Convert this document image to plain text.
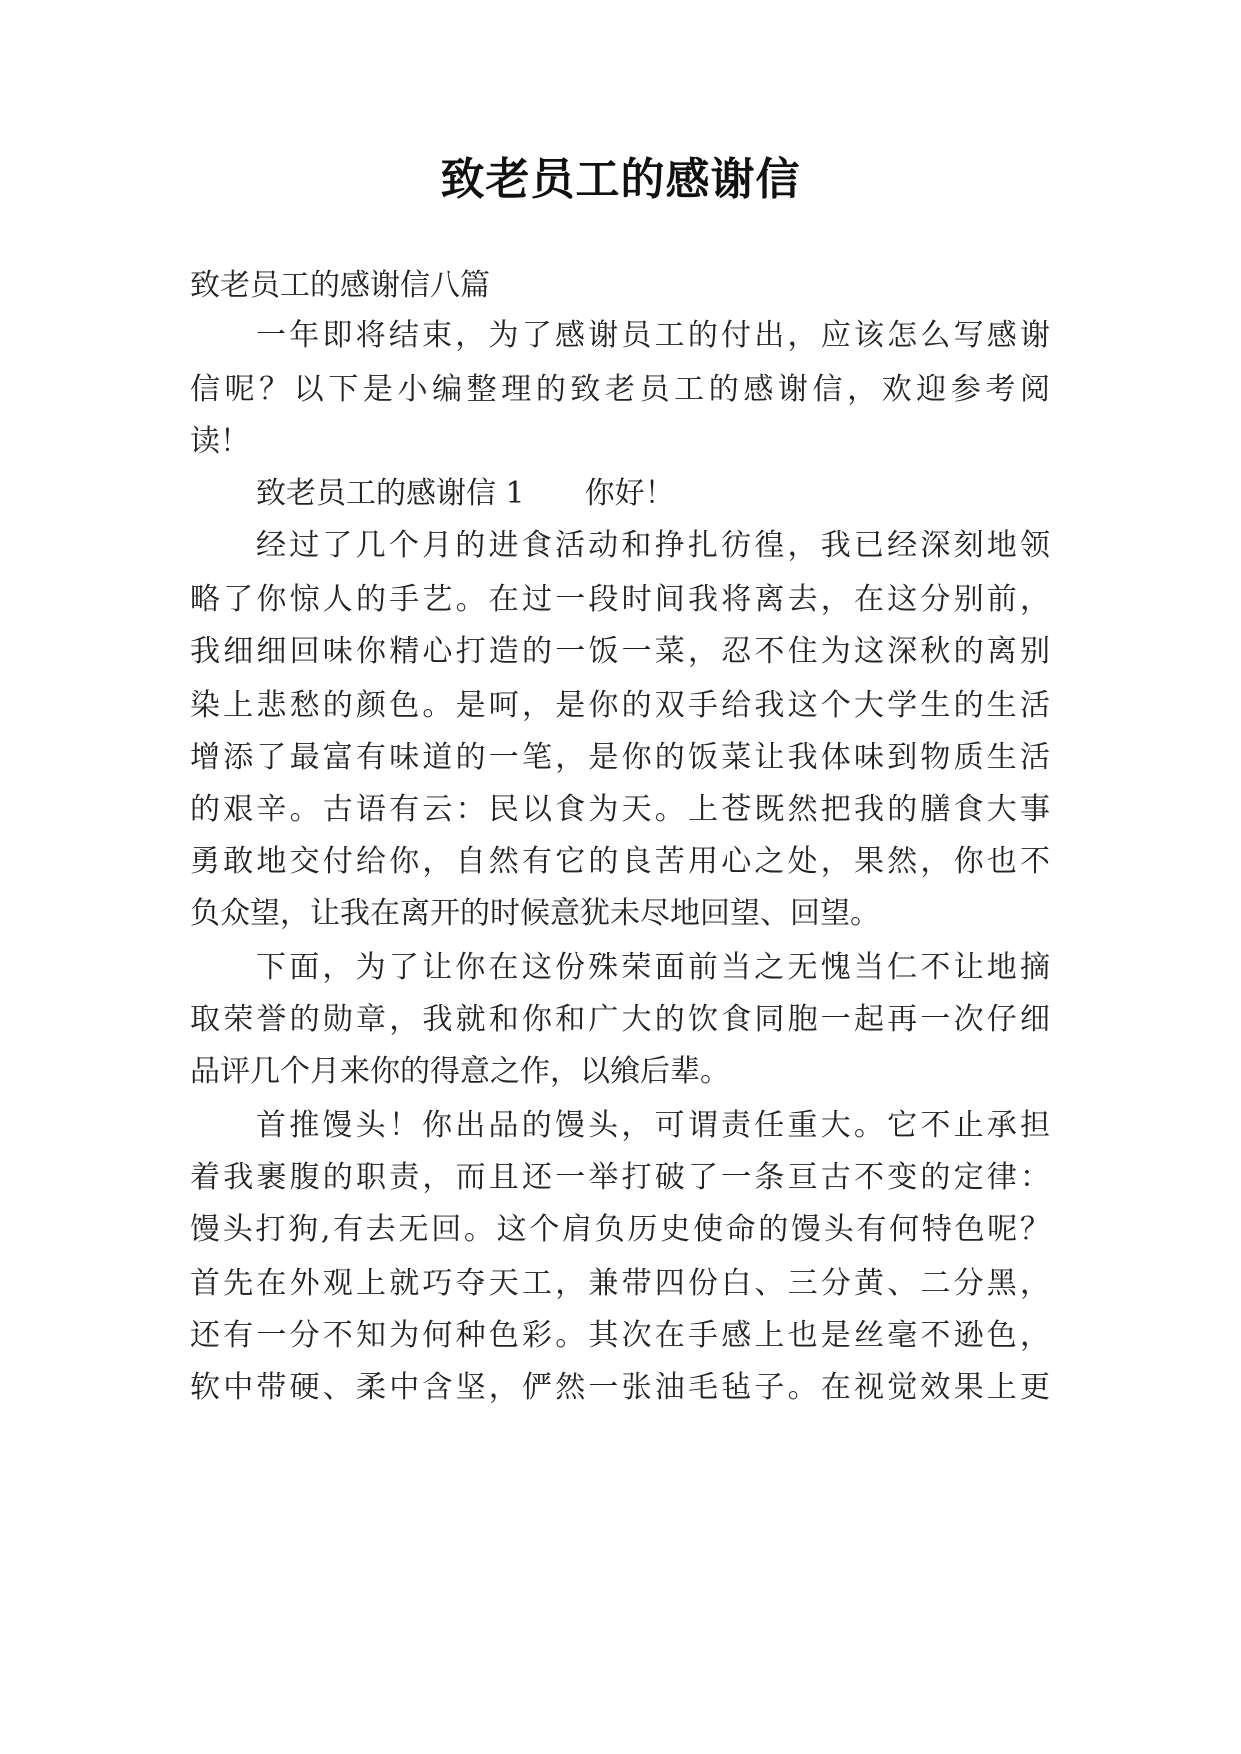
致老员工的感谢信
致老员工的感谢信八篇
一年即将结束，为了感谢员工的付出，应该怎么写感谢
信呢？以下是小编整理的致老员工的感谢信，欢迎参考阅
读！
致老员工的感谢信 1 你好！
经过了几个月的进食活动和挣扎彷徨，我已经深刻地领
略了你惊人的手艺。在过一段时间我将离去，在这分别前，
我细细回味你精心打造的一饭一菜，忍不住为这深秋的离别
染上悲愁的颜色。是呵，是你的双手给我这个大学生的生活
增添了最富有味道的一笔，是你的饭菜让我体味到物质生活
的艰辛。古语有云：民以食为天。上苍既然把我的膳食大事
勇敢地交付给你，自然有它的良苦用心之处，果然，你也不
负众望，让我在离开的时候意犹未尽地回望、回望。
下面，为了让你在这份殊荣面前当之无愧当仁不让地摘
取荣誉的勋章，我就和你和广大的饮食同胞一起再一次仔细
品评几个月来你的得意之作，以飨后辈。
首推馒头！你出品的馒头，可谓责任重大。它不止承担
着我裹腹的职责，而且还一举打破了一条亘古不变的定律：
馒头打狗,有去无回。这个肩负历史使命的馒头有何特色呢？
首先在外观上就巧夺天工，兼带四份白、三分黄、二分黑，
还有一分不知为何种色彩。其次在手感上也是丝毫不逊色，
软中带硬、柔中含坚，俨然一张油毛毡子。在视觉效果上更
